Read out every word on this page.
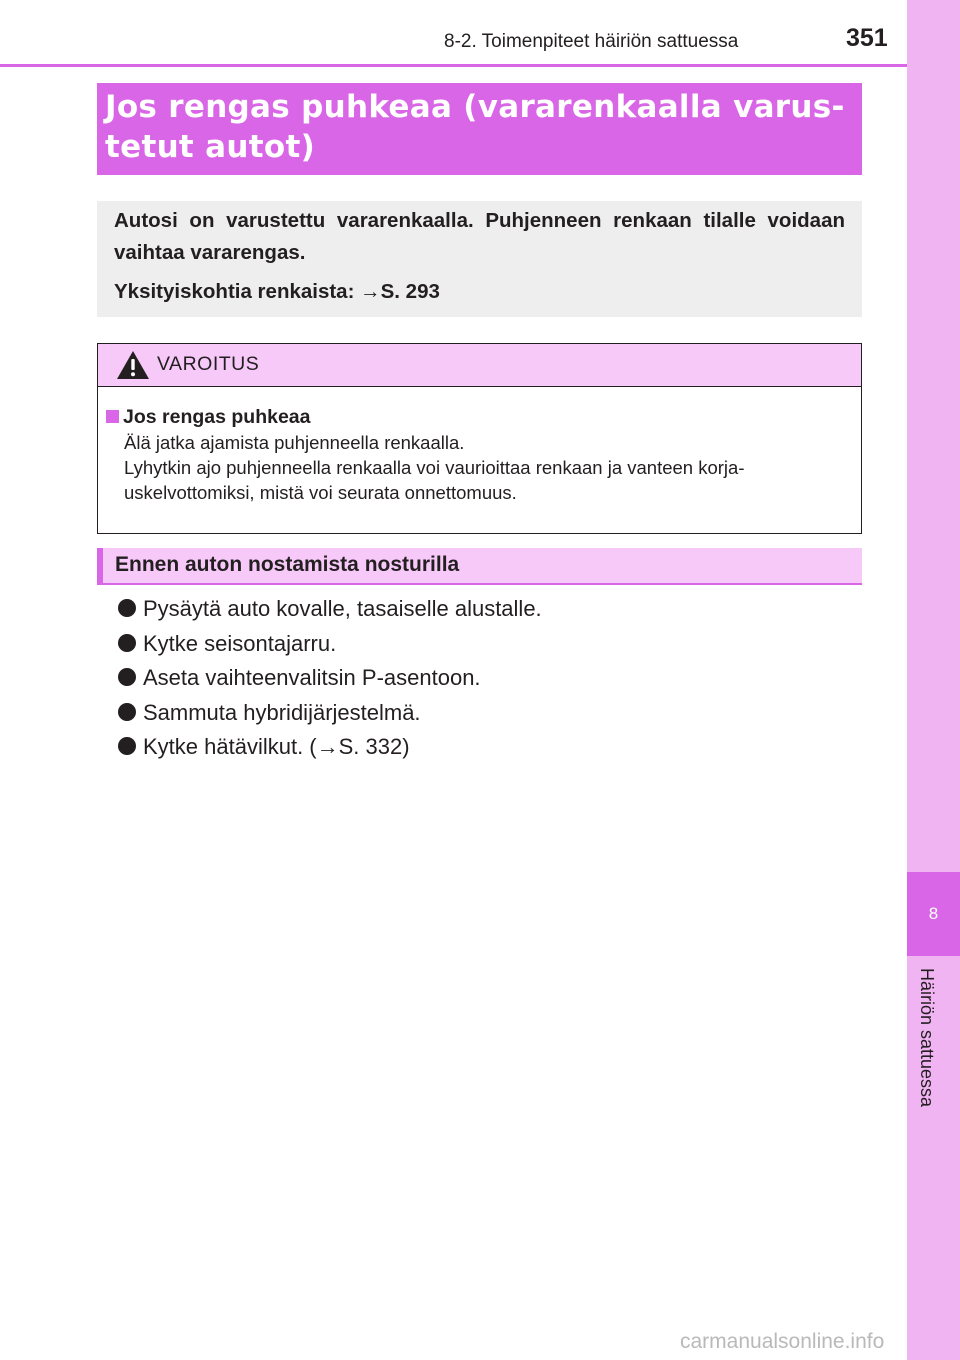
8
Häiriön sattuessa
8-2. Toimenpiteet häiriön sattuessa	351
Jos rengas puhkeaa (vararenkaalla varus-
tetut autot)

Autosi on varustettu vararenkaalla. Puhjenneen renkaan tilalle voidaan vaihtaa vararengas.

Yksityiskohtia renkaista: →S. 293

VAROITUS
Jos rengas puhkeaa
Älä jatka ajamista puhjenneella renkaalla.
Lyhytkin ajo puhjenneella renkaalla voi vaurioittaa renkaan ja vanteen korja-
uskelvottomiksi, mistä voi seurata onnettomuus.
Ennen auton nostamista nosturilla
Pysäytä auto kovalle, tasaiselle alustalle.
Kytke seisontajarru.
Aseta vaihteenvalitsin P-asentoon.
Sammuta hybridijärjestelmä.
Kytke hätävilkut. (→S. 332)
carmanualsonline.info
